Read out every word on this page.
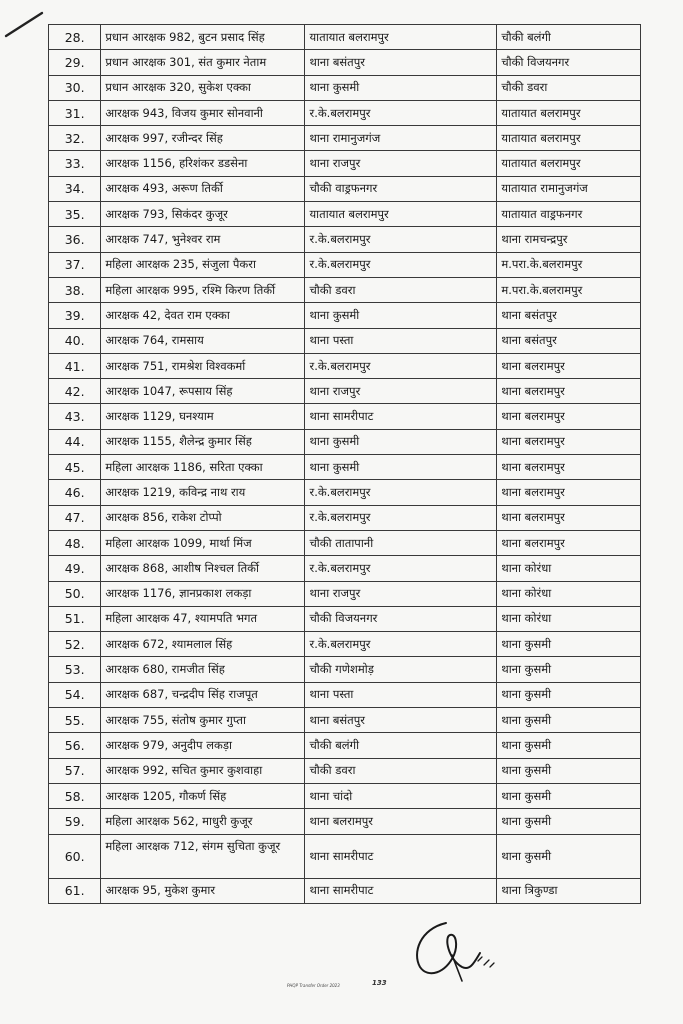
28.	प्रधान आरक्षक 982, बुटन प्रसाद सिंह	यातायात बलरामपुर	चौकी बलंगी
29.	प्रधान आरक्षक 301, संत कुमार नेताम	थाना बसंतपुर	चौकी विजयनगर
30.	प्रधान आरक्षक 320, सुकेश एक्का	थाना कुसमी	चौकी डवरा
31.	आरक्षक 943, विजय कुमार सोनवानी	र.के.बलरामपुर	यातायात बलरामपुर
32.	आरक्षक 997, रजीन्दर सिंह	थाना रामानुजगंज	यातायात बलरामपुर
33.	आरक्षक 1156, हरिशंकर डडसेना	थाना राजपुर	यातायात बलरामपुर
34.	आरक्षक 493, अरूण तिर्की	चौकी वाड्रफनगर	यातायात रामानुजगंज
35.	आरक्षक 793, सिकंदर कुजूर	यातायात बलरामपुर	यातायात वाड्रफनगर
36.	आरक्षक 747, भुनेश्वर राम	र.के.बलरामपुर	थाना रामचन्द्रपुर
37.	महिला आरक्षक 235, संजुला पैकरा	र.के.बलरामपुर	म.परा.के.बलरामपुर
38.	महिला आरक्षक 995, रश्मि किरण तिर्की	चौकी डवरा	म.परा.के.बलरामपुर
39.	आरक्षक 42, देवत राम एक्का	थाना कुसमी	थाना बसंतपुर
40.	आरक्षक 764, रामसाय	थाना पस्ता	थाना बसंतपुर
41.	आरक्षक 751, रामश्रेश विश्वकर्मा	र.के.बलरामपुर	थाना बलरामपुर
42.	आरक्षक 1047, रूपसाय सिंह	थाना राजपुर	थाना बलरामपुर
43.	आरक्षक 1129, घनश्याम	थाना सामरीपाट	थाना बलरामपुर
44.	आरक्षक 1155, शैलेन्द्र कुमार सिंह	थाना कुसमी	थाना बलरामपुर
45.	महिला आरक्षक 1186, सरिता एक्का	थाना कुसमी	थाना बलरामपुर
46.	आरक्षक 1219, कविन्द्र नाथ राय	र.के.बलरामपुर	थाना बलरामपुर
47.	आरक्षक 856, राकेश टोप्पो	र.के.बलरामपुर	थाना बलरामपुर
48.	महिला आरक्षक 1099, मार्था मिंज	चौकी तातापानी	थाना बलरामपुर
49.	आरक्षक 868, आशीष निश्चल तिर्की	र.के.बलरामपुर	थाना कोरंधा
50.	आरक्षक 1176, ज्ञानप्रकाश लकड़ा	थाना राजपुर	थाना कोरंधा
51.	महिला आरक्षक 47, श्यामपति भगत	चौकी विजयनगर	थाना कोरंधा
52.	आरक्षक 672, श्यामलाल सिंह	र.के.बलरामपुर	थाना कुसमी
53.	आरक्षक 680, रामजीत सिंह	चौकी गणेशमोड़	थाना कुसमी
54.	आरक्षक 687, चन्द्रदीप सिंह राजपूत	थाना पस्ता	थाना कुसमी
55.	आरक्षक 755, संतोष कुमार गुप्ता	थाना बसंतपुर	थाना कुसमी
56.	आरक्षक 979, अनुदीप लकड़ा	चौकी बलंगी	थाना कुसमी
57.	आरक्षक 992, सचित कुमार कुशवाहा	चौकी डवरा	थाना कुसमी
58.	आरक्षक 1205, गौकर्ण सिंह	थाना चांदो	थाना कुसमी
59.	महिला आरक्षक 562, माधुरी कुजूर	थाना बलरामपुर	थाना कुसमी
60.	महिला आरक्षक 712, संगम सुचिता कुजूर	थाना सामरीपाट	थाना कुसमी
61.	आरक्षक 95, मुकेश कुमार	थाना सामरीपाट	थाना त्रिकुण्डा
PHQP Transfer Order 2023	133
